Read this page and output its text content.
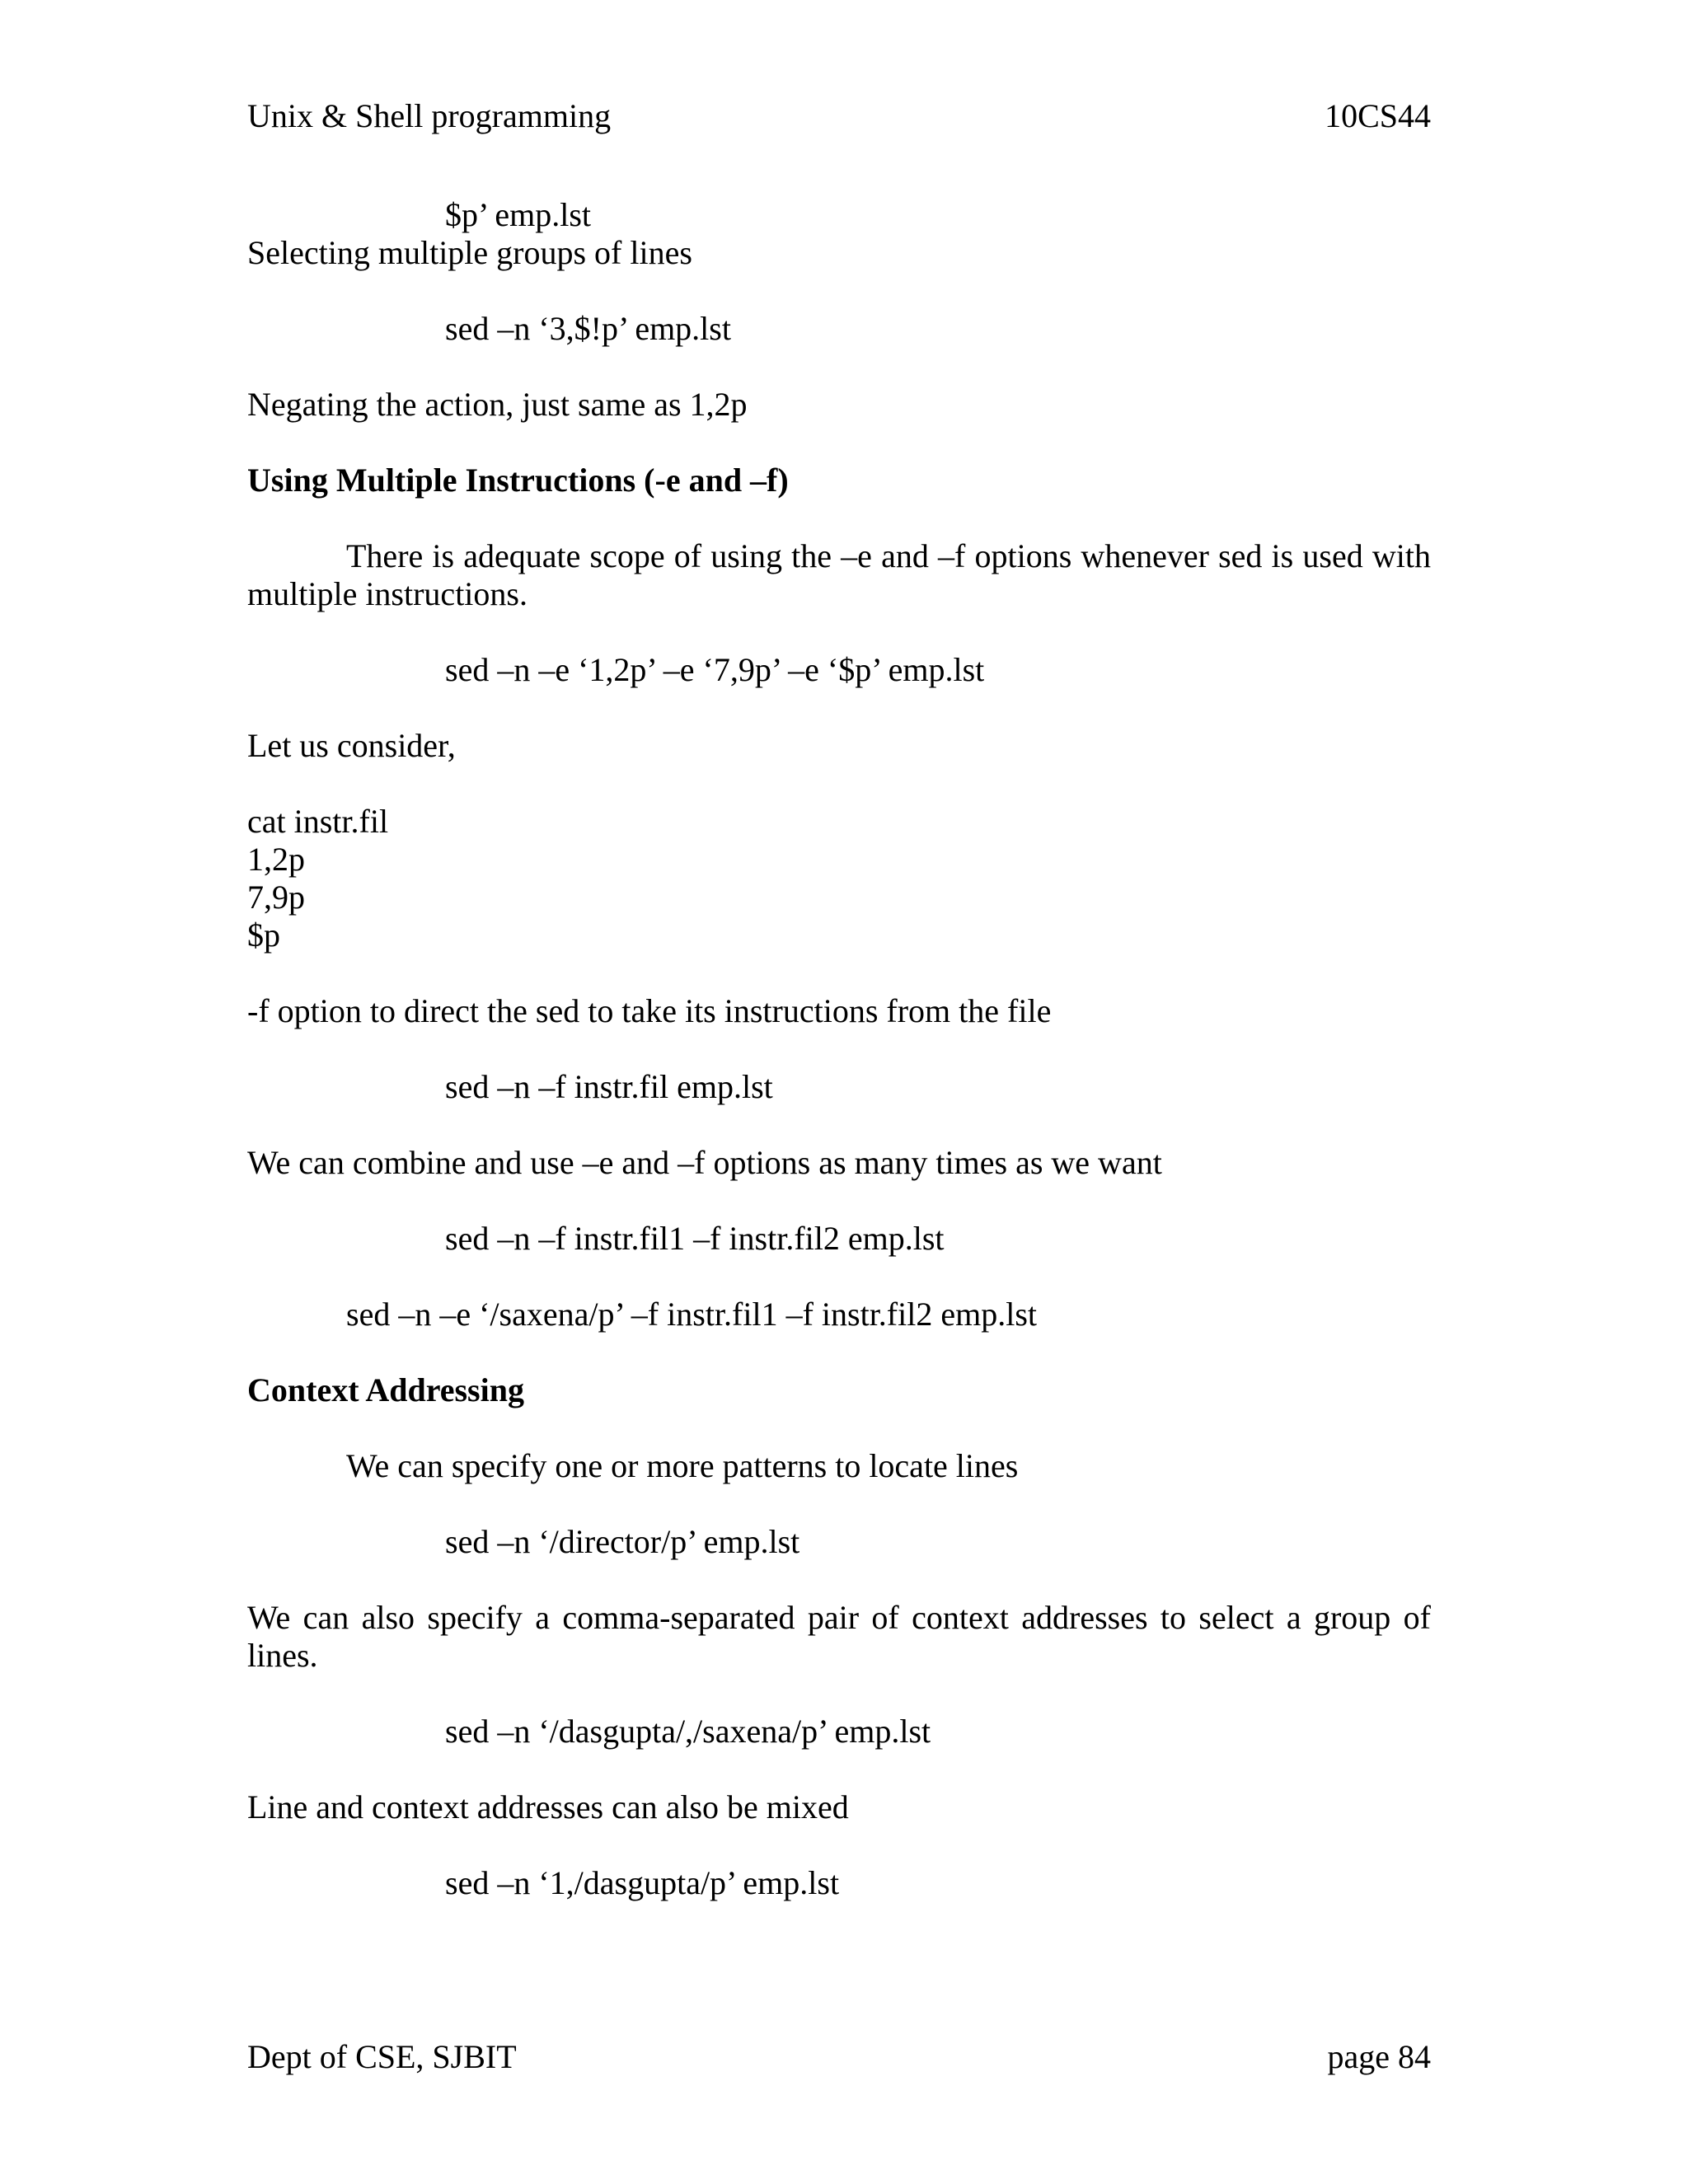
Unix & Shell programming	10CS44
$p’ emp.lst
Selecting multiple groups of lines
sed –n ‘3,$!p’ emp.lst
Negating the action, just same as 1,2p
Using Multiple Instructions (-e and –f)
There is adequate scope of using the –e and –f options whenever sed is used with multiple instructions.
sed –n –e ‘1,2p’ –e ‘7,9p’ –e ‘$p’ emp.lst
Let us consider,
cat instr.fil
1,2p
7,9p
$p
-f option to direct the sed to take its instructions from the file
sed –n –f instr.fil emp.lst
We can combine and use –e and –f options as many times as we want
sed –n –f instr.fil1 –f instr.fil2 emp.lst
sed –n –e ‘/saxena/p’ –f instr.fil1 –f instr.fil2 emp.lst
Context Addressing
We can specify one or more patterns to locate lines
sed –n ‘/director/p’ emp.lst
We can also specify a comma-separated pair of context addresses to select a group of lines.
sed –n ‘/dasgupta/,/saxena/p’ emp.lst
Line and context addresses can also be mixed
sed –n ‘1,/dasgupta/p’ emp.lst
Dept of CSE, SJBIT	page 84
